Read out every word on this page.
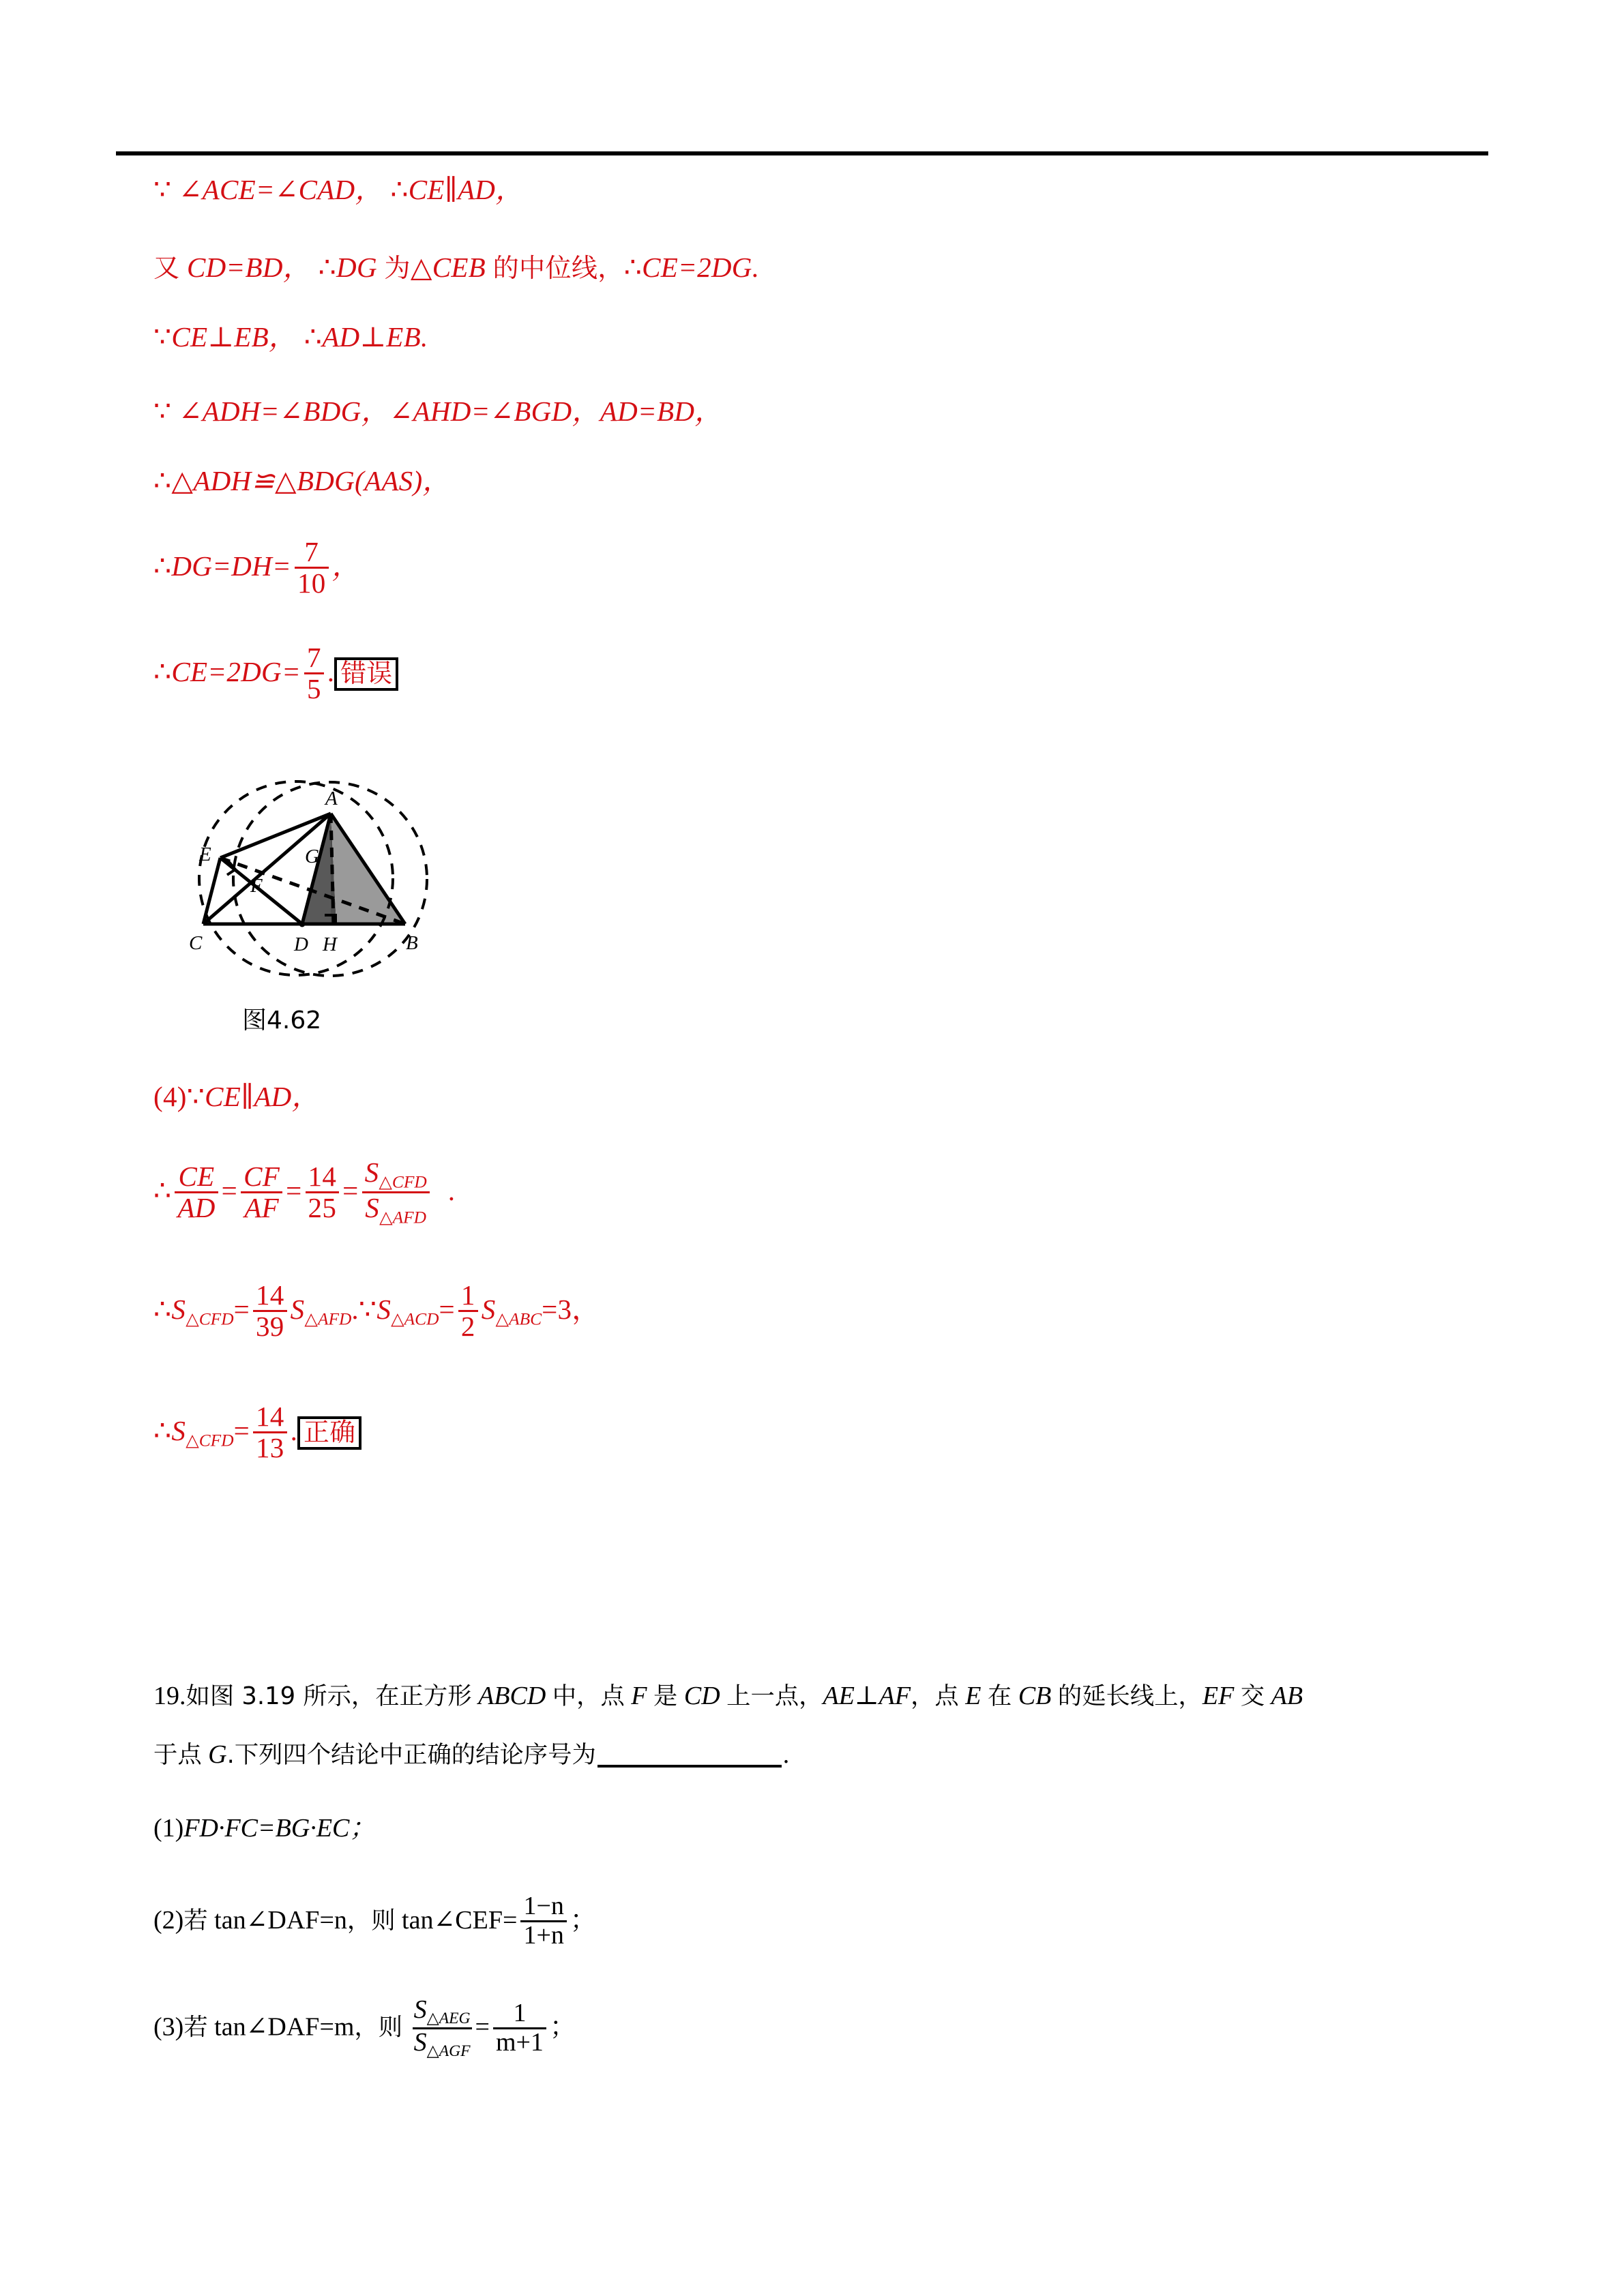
∵ ∠ACE=∠CAD， ∴CE∥AD，
又 CD=BD， ∴DG 为△CEB 的中位线，∴CE=2DG.
∵CE⊥EB， ∴AD⊥EB.
∵ ∠ADH=∠BDG，∠AHD=∠BGD，AD=BD，
∴△ADH≌△BDG(AAS)，
∴DG=DH= $\frac{7}{10}$ ，
∴CE=2DG= $\frac{7}{5}$ . 错误
A
B
C	D
E
F
G
H
图4.62
(4)∵CE∥AD，
∴ $\frac{CE}{AD} = \frac{CF}{AF} = \frac{14}{25} = \frac{S_{\triangle CFD}}{S_{\triangle AFD}}$ .
$\therefore S_{\triangle CFD}= \frac{14}{39}$ $S_{\triangle AFD}.\because S_{\triangle ACD}= \frac{1}{2} S_{\triangle ABC}=3$，
$\therefore S_{\triangle CFD}= \frac{14}{13}$ . 正确
19.如图 3.19 所示，在正方形 ABCD 中，点 F 是 CD 上一点，AE⊥AF，点 E 在 CB 的延长线上，EF 交 AB
于点 G.下列四个结论中正确的结论序号为	.
(1)FD·FC=BG·EC；
(2)若 tan∠DAF=n，则 tan∠CEF= $\frac{1-n}{1+n}$ ；
(3)若 tan∠DAF=m，则 $\frac{S_{\triangle AEG}}{S_{\triangle AGF}} = \frac{1}{m+1}$ ；
